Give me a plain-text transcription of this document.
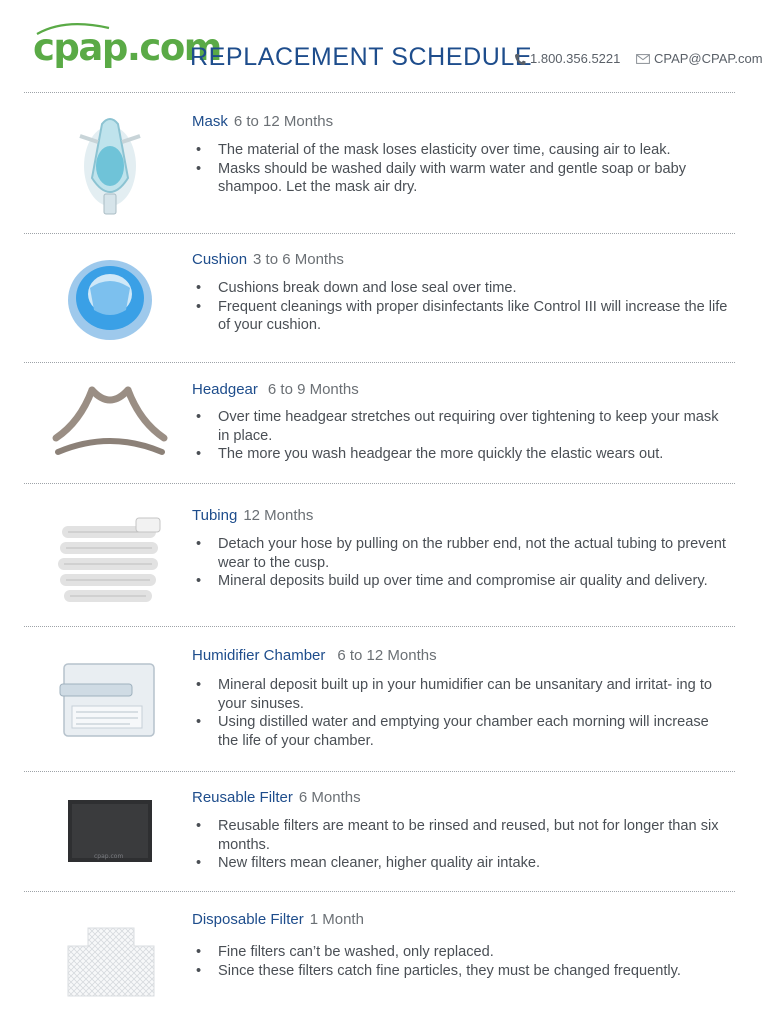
cpap.com
REPLACEMENT SCHEDULE
1.800.356.5221	CPAP@CPAP.com
Mask 6 to 12 Months
• The material of the mask loses elasticity over time, causing air to leak.
• Masks should be washed daily with warm water and gentle soap or baby shampoo. Let the mask air dry.
Cushion 3 to 6 Months
• Cushions break down and lose seal over time.
• Frequent cleanings with proper disinfectants like Control III will increase the life of your cushion.
Headgear 6 to 9 Months
• Over time headgear stretches out requiring over tightening to keep your mask in place.
• The more you wash headgear the more quickly the elastic wears out.
Tubing 12 Months
• Detach your hose by pulling on the rubber end, not the actual tubing to prevent wear to the cusp.
• Mineral deposits build up over time and compromise air quality and delivery.
Humidifier Chamber 6 to 12 Months
• Mineral deposit built up in your humidifier can be unsanitary and irritat- ing to your sinuses.
• Using distilled water and emptying your chamber each morning will increase the life of your chamber.
cpap.com
Reusable Filter 6 Months
• Reusable filters are meant to be rinsed and reused, but not for longer than six months.
• New filters mean cleaner, higher quality air intake.
Disposable Filter 1 Month
• Fine filters can’t be washed, only replaced.
• Since these filters catch fine particles, they must be changed frequently.
